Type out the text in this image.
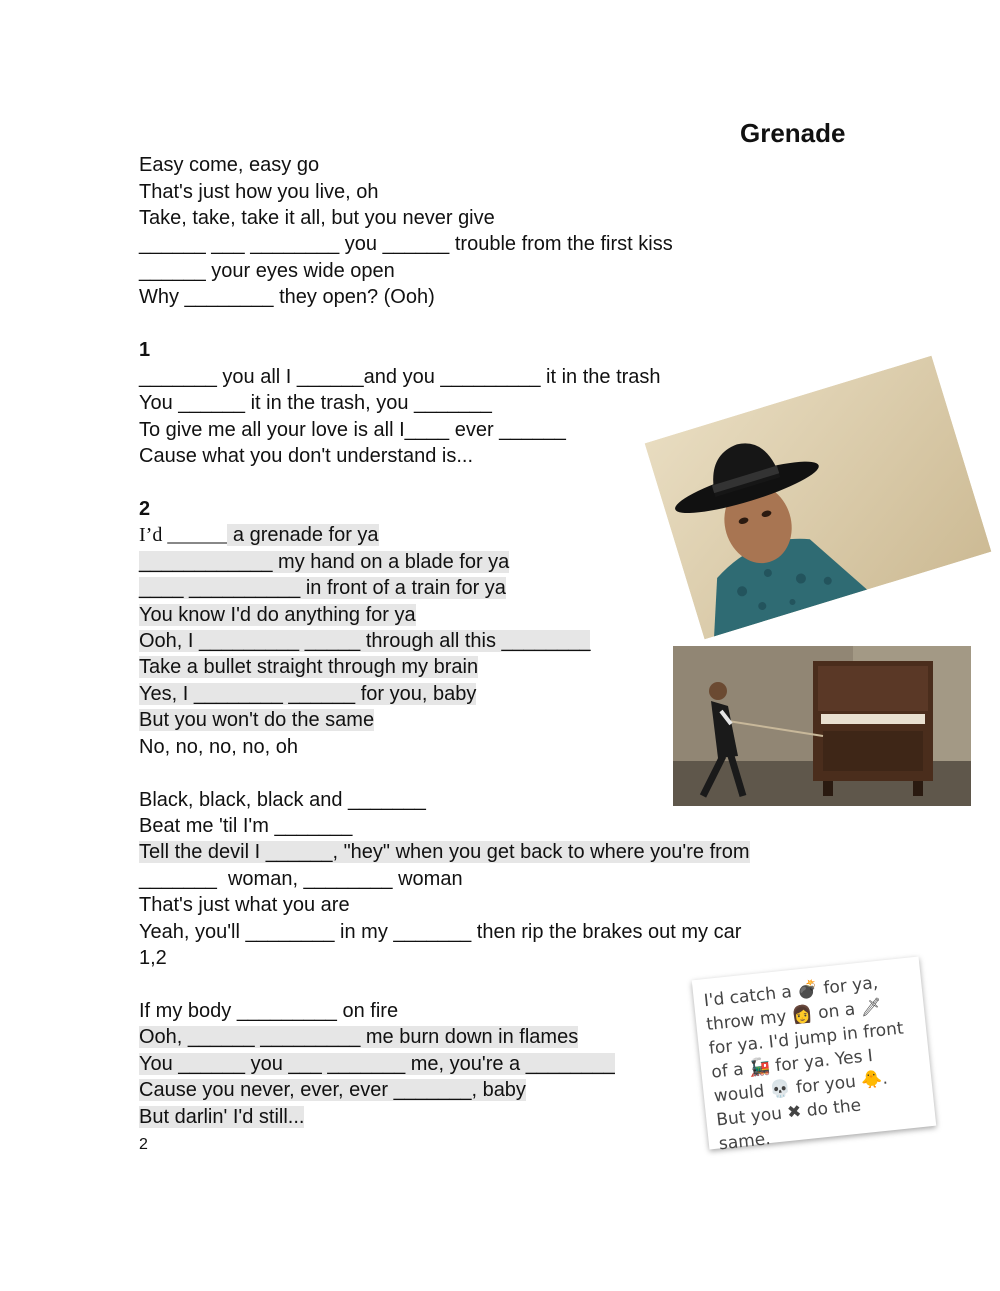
Grenade
Easy come, easy go
That's just how you live, oh
Take, take, take it all, but you never give
______ ___ ________ you ______ trouble from the first kiss
______ your eyes wide open
Why ________ they open? (Ooh)
1
_______ you all I ______and you _________ it in the trash
You ______ it in the trash, you _______
To give me all your love is all I____ ever ______
Cause what you don't understand is...
2
I’d ______ a grenade for ya
____________ my hand on a blade for ya
____ __________ in front of a train for ya
You know I'd do anything for ya
Ooh, I _________ _____ through all this ________
Take a bullet straight through my brain
Yes, I ________ ______ for you, baby
But you won't do the same
No, no, no, no, oh
Black, black, black and _______
Beat me 'til I'm _______
Tell the devil I ______, "hey" when you get back to where you're from
_______  woman, ________ woman
That's just what you are
Yeah, you'll ________ in my _______ then rip the brakes out my car
1,2
If my body _________ on fire
Ooh, ______ _________ me burn down in flames
You ______ you ___ _______ me, you're a ________
Cause you never, ever, ever _______, baby
But darlin' I'd still...
2

I'd catch a 💣 for ya,
throw my 👩 on a 🗡
for ya. I'd jump in front
of a 🚂 for ya. Yes I
would 💀 for you 🐥.
But you ✖ do the
same.
